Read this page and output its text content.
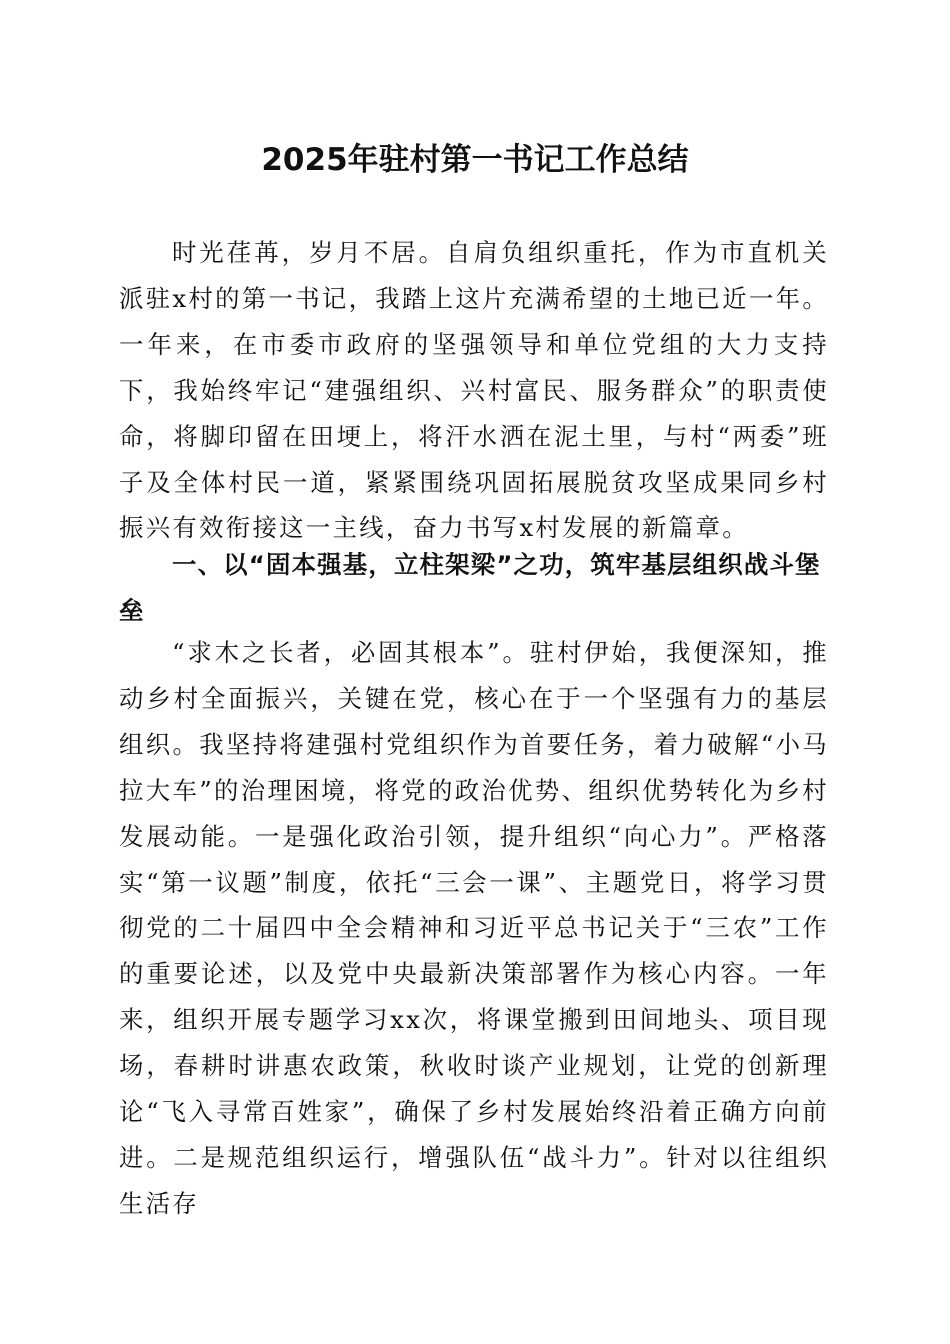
2025年驻村第一书记工作总结

时光荏苒，岁月不居。自肩负组织重托，作为市直机关派驻x村的第一书记，我踏上这片充满希望的土地已近一年。一年来，在市委市政府的坚强领导和单位党组的大力支持下，我始终牢记“建强组织、兴村富民、服务群众”的职责使命，将脚印留在田埂上，将汗水洒在泥土里，与村“两委”班子及全体村民一道，紧紧围绕巩固拓展脱贫攻坚成果同乡村振兴有效衔接这一主线，奋力书写x村发展的新篇章。

一、以“固本强基，立柱架梁”之功，筑牢基层组织战斗堡垒

“求木之长者，必固其根本”。驻村伊始，我便深知，推动乡村全面振兴，关键在党，核心在于一个坚强有力的基层组织。我坚持将建强村党组织作为首要任务，着力破解“小马拉大车”的治理困境，将党的政治优势、组织优势转化为乡村发展动能。一是强化政治引领，提升组织“向心力”。严格落实“第一议题”制度，依托“三会一课”、主题党日，将学习贯彻党的二十届四中全会精神和习近平总书记关于“三农”工作的重要论述，以及党中央最新决策部署作为核心内容。一年来，组织开展专题学习xx次，将课堂搬到田间地头、项目现场，春耕时讲惠农政策，秋收时谈产业规划，让党的创新理论“飞入寻常百姓家”，确保了乡村发展始终沿着正确方向前进。二是规范组织运行，增强队伍“战斗力”。针对以往组织生活存
